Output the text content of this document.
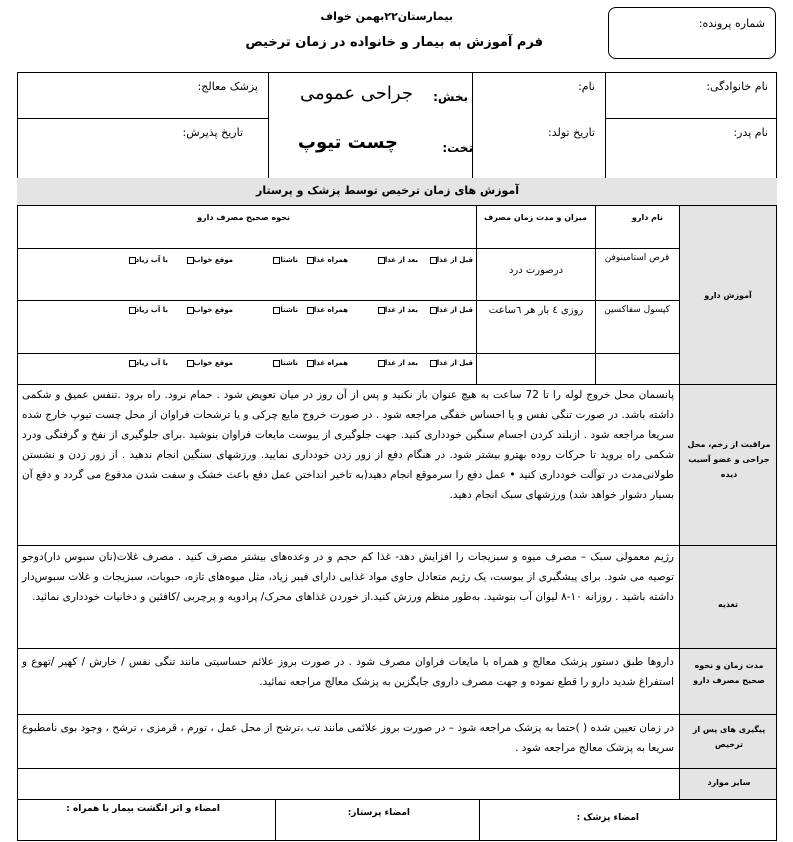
بیمارستان۲۲بهمن خواف
فرم آموزش به بیمار و خانواده در زمان ترخیص
شماره پرونده:
نام خانوادگی:
نام:
بخش:
جراحی عمومی
پزشک معالج:
نام پدر:
تاریخ تولد:
تخت:
چست تیوپ
تاریخ پذیرش:
آموزش های زمان ترخیص توسط پزشک و پرستار
آموزش دارو
نام دارو
میزان و مدت زمان مصرف
نحوه صحیح مصرف دارو
قرص استامینوفن
درصورت درد
کپسول سفاکسین
روزی ٤ بار هر ٦ساعت
قبل از غذا
بعد از غذا
همراه غذا
ناشتا
موقع خواب
با آب زیاد
قبل از غذا
بعد از غذا
همراه غذا
ناشتا
موقع خواب
با آب زیاد
قبل از غذا
بعد از غذا
همراه غذا
ناشتا
موقع خواب
با آب زیاد
مراقبت از زخم، محل جراحی و عضو آسیب دیده
پانسمان محل خروج لوله را تا 72 ساعت به هیچ عنوان باز نکنید و پس از آن روز در میان تعویض شود . حمام نرود. راه برود .تنفس عمیق و شکمی داشته باشد. در صورت تنگی نفس و یا احساس خفگی مراجعه شود . در صورت خروج مایع چرکی و یا ترشحات فراوان از محل چست تیوپ خارج شده سریعا مراجعه شود . ازبلند کردن اجسام سنگین خودداری کنید. جهت جلوگیری از یبوست مایعات فراوان بنوشید .برای جلوگیری از نفخ و گرفتگی ودرد شکمی راه بروید تا حرکات روده بهترو بیشتر شود. در هنگام دفع از زور زدن خودداری نمایید. ورزشهای سنگین انجام ندهید . از زور زدن و نشستن طولانی‌مدت در توآلت خودداری کنید • عمل دفع را سرموقع انجام دهید(به تاخیر انداختن عمل دفع باعث خشک و سفت شدن مدفوع می گردد و دفع آن بسیار دشوار خواهد شد) ورزشهای سبک انجام دهید.
تغذیه
رژیم معمولی سبک – مصرف میوه و سبزیجات را افزایش دهد- غذا کم حجم و در وعده‌های بیشتر مصرف کنید . مصرف غلات(نان سبوس دار)دوجو توصیه می شود. برای پیشگیری از یبوست، یک رژیم متعادل حاوی مواد غذایی دارای فیبر زیاد، مثل میوه‌های تازه، حبوبات، سبزیجات و غلات سبوس‌دار داشته باشید . روزانه ۱۰-۸ لیوان آب بنوشید. به‌طور منظم ورزش کنید.از خوردن غذاهای محرک/ پرادویه و پرچربی /کافئین و دخانیات خودداری نمائید.
مدت زمان و نحوه صحیح مصرف دارو
داروها طبق دستور پزشک معالج و همراه با مایعات فراوان مصرف شود . در صورت بروز علائم حساسیتی مانند تنگی نفس / خارش / کهیر /تهوع و استفراغ شدید دارو را قطع نموده و جهت مصرف داروی جایگزین به پزشک معالج مراجعه نمائید.
پیگیری های پس از ترخیص
در زمان تعیین شده ( )حتما به پزشک مراجعه شود – در صورت بروز علائمی مانند تب ،ترشح از محل عمل ، تورم ، قرمزی ، ترشح ، وجود بوی نامطبوع سریعا به پزشک معالج مراجعه شود .
سایر موارد
امضاء پزشک :
امضاء پرستار:
امضاء و اثر انگشت بیمار یا همراه :
